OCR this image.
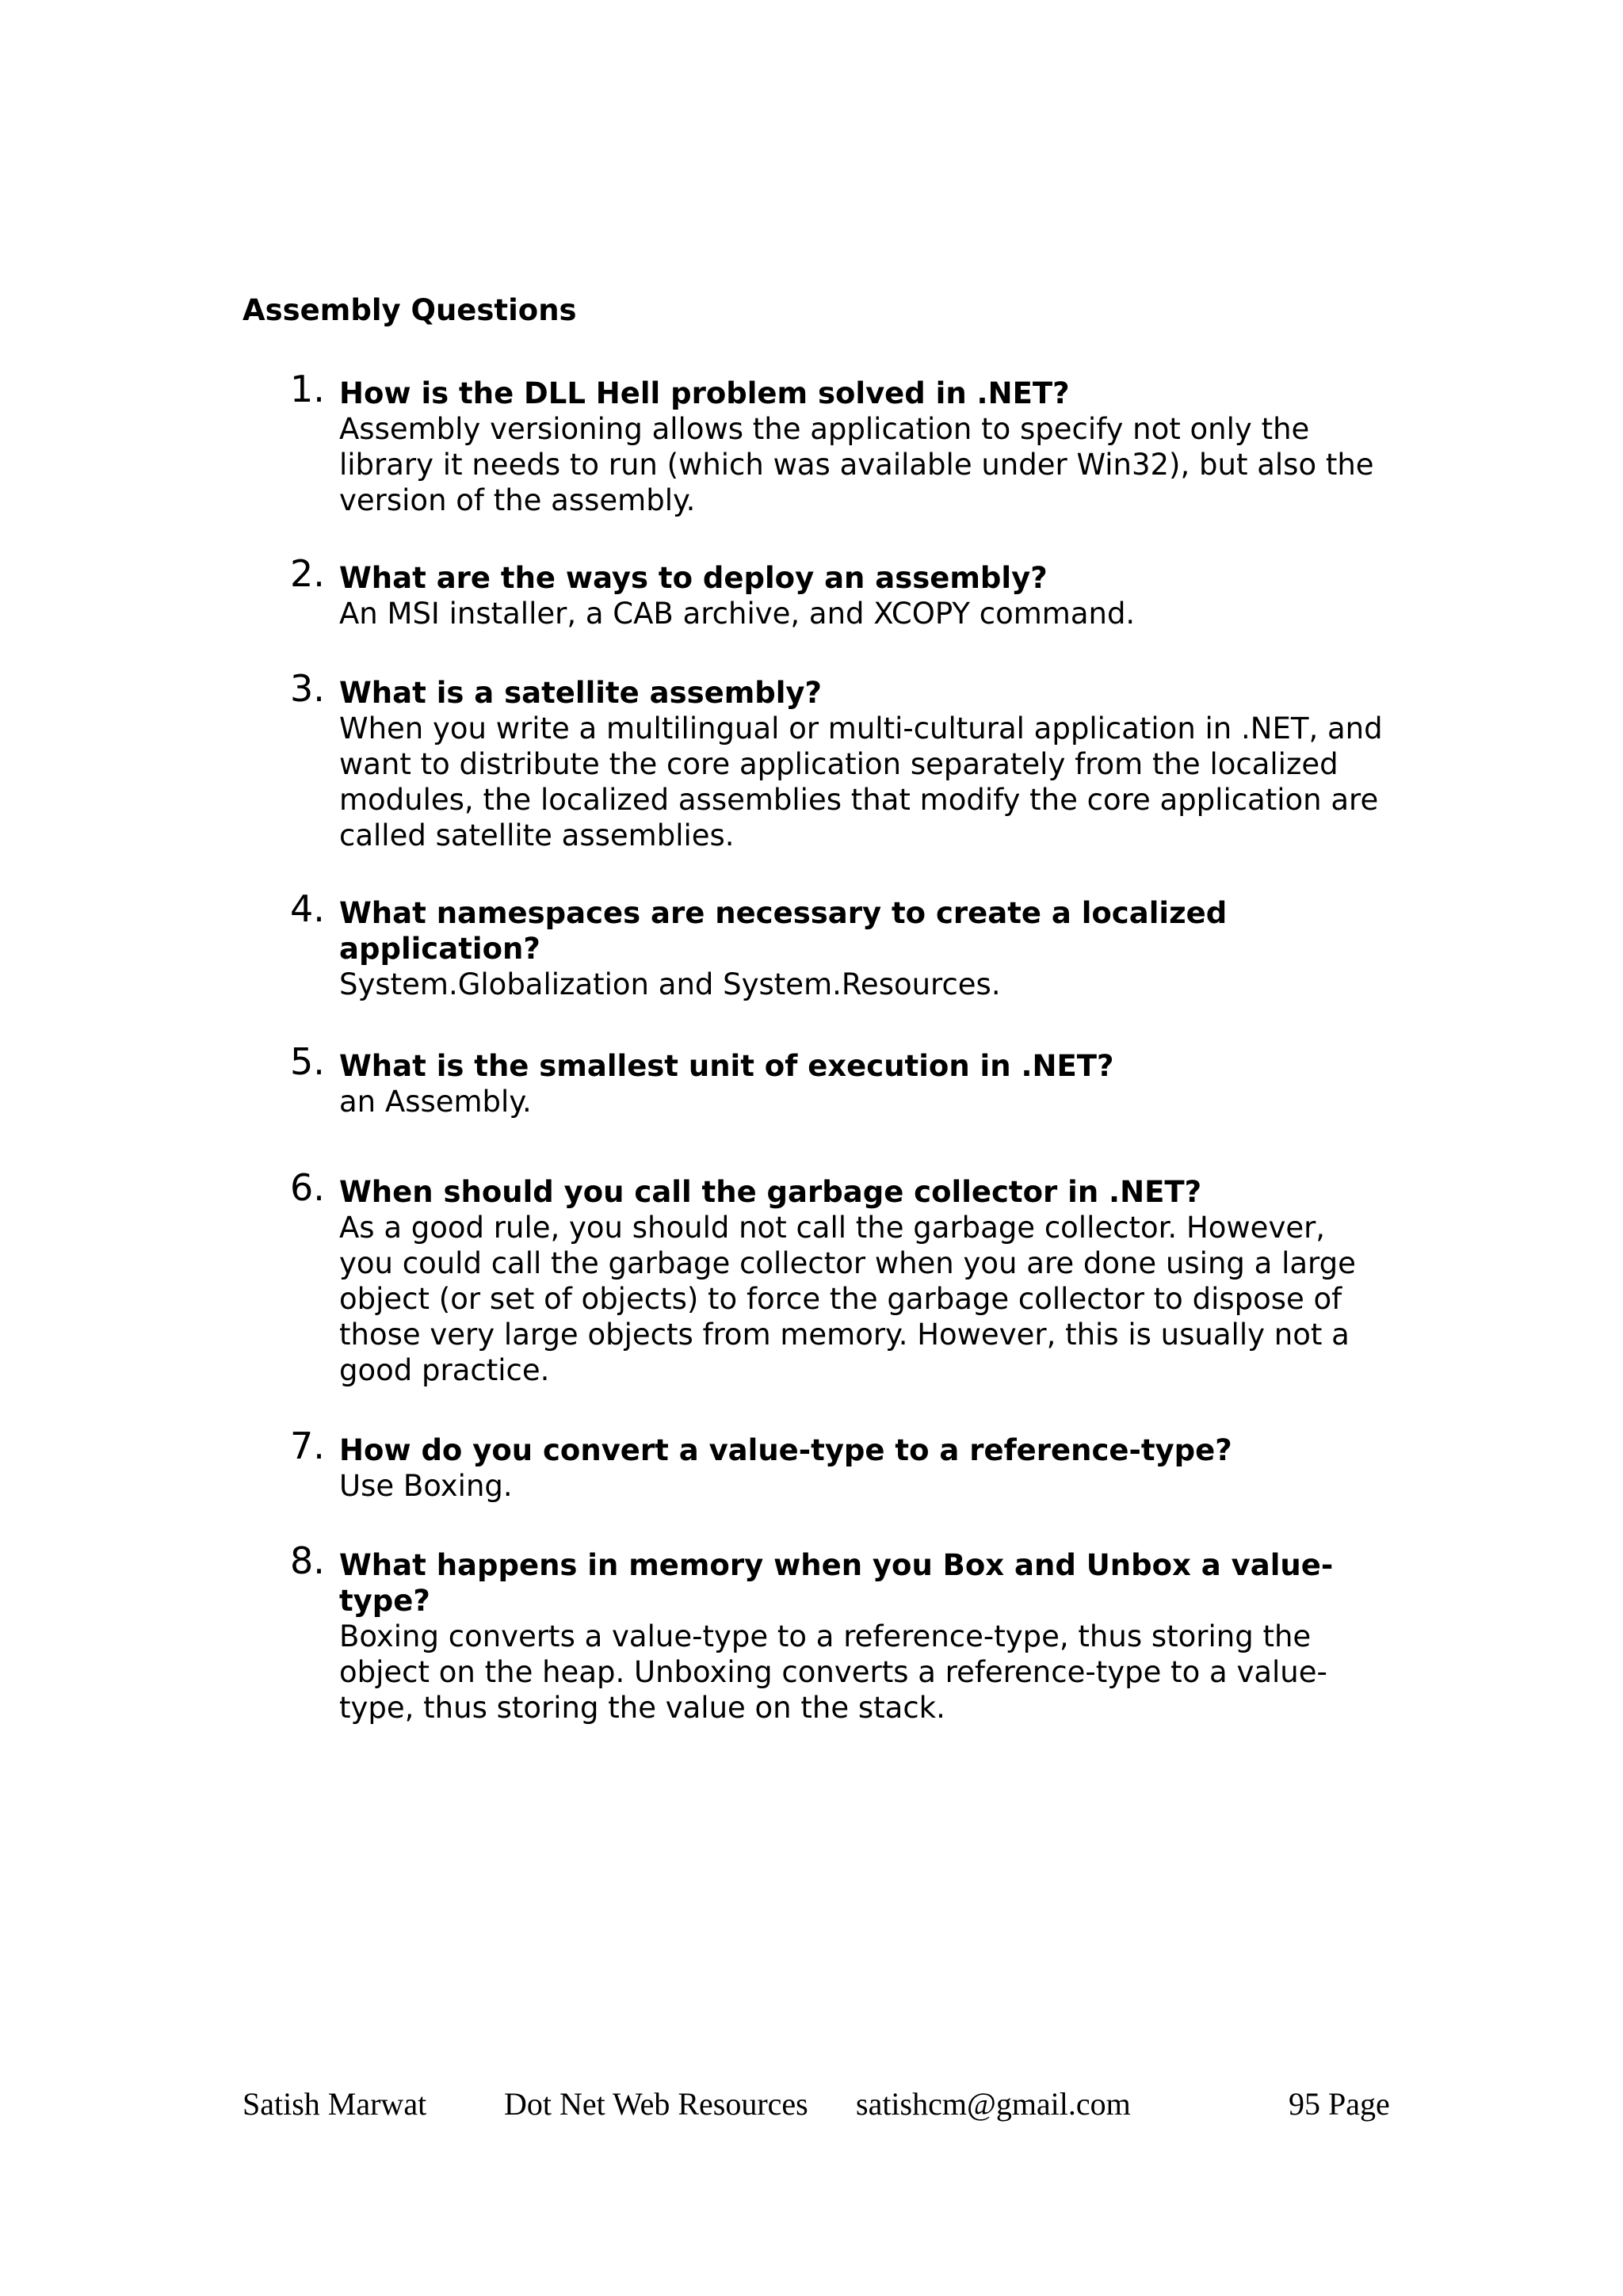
Assembly Questions
1. How is the DLL Hell problem solved in .NET?
Assembly versioning allows the application to specify not only the
library it needs to run (which was available under Win32), but also the
version of the assembly.
2. What are the ways to deploy an assembly?
An MSI installer, a CAB archive, and XCOPY command.
3. What is a satellite assembly?
When you write a multilingual or multi-cultural application in .NET, and
want to distribute the core application separately from the localized
modules, the localized assemblies that modify the core application are
called satellite assemblies.
4. What namespaces are necessary to create a localized
application?
System.Globalization and System.Resources.
5. What is the smallest unit of execution in .NET?
an Assembly.
6. When should you call the garbage collector in .NET?
As a good rule, you should not call the garbage collector. However,
you could call the garbage collector when you are done using a large
object (or set of objects) to force the garbage collector to dispose of
those very large objects from memory. However, this is usually not a
good practice.
7. How do you convert a value-type to a reference-type?
Use Boxing.
8. What happens in memory when you Box and Unbox a value-
type?
Boxing converts a value-type to a reference-type, thus storing the
object on the heap. Unboxing converts a reference-type to a value-
type, thus storing the value on the stack.
Satish Marwat Dot Net Web Resources satishcm@gmail.com	95 Page
